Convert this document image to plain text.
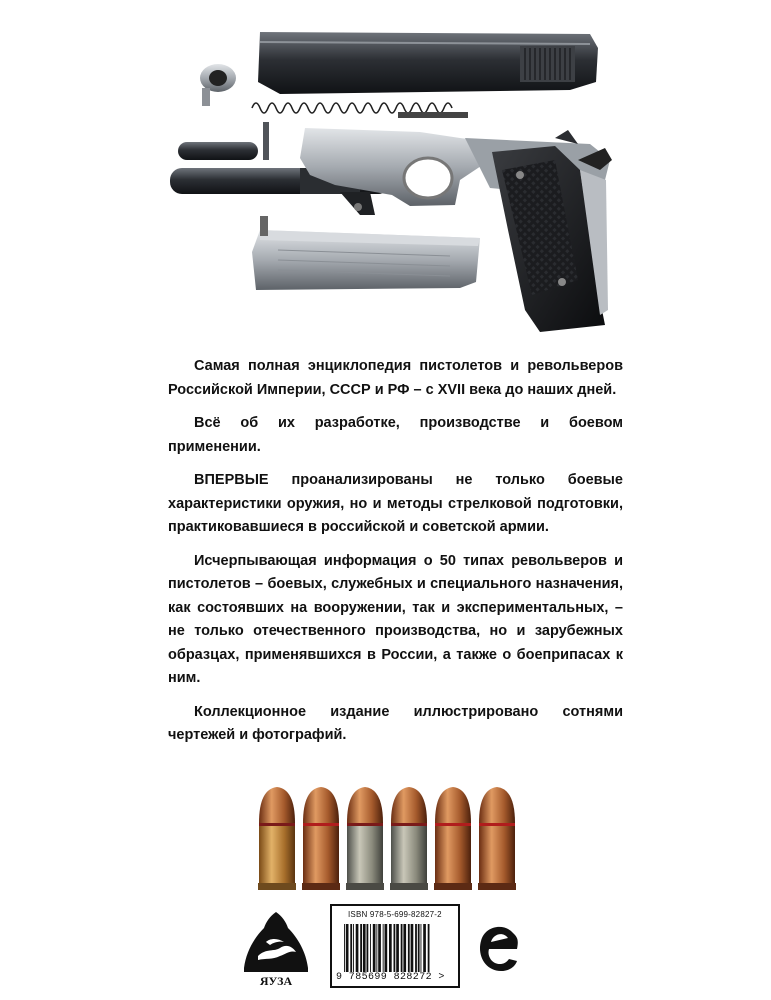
Самая полная энциклопедия пистолетов и револьверов Российской Империи, СССР и РФ – с XVII века до наших дней.

Всё об их разработке, производстве и боевом применении.

ВПЕРВЫЕ проанализированы не только боевые характеристики оружия, но и методы стрелковой подготовки, практиковавшиеся в российской и советской армии.

Исчерпывающая информация о 50 типах револьверов и пистолетов – боевых, служебных и специального назначения, как состоявших на вооружении, так и экспериментальных, – не только отечественного производства, но и зарубежных образцах, применявшихся в России, а также о боеприпасах к ним.

Коллекционное издание иллюстрировано сотнями чертежей и фотографий.

ЯУЗА
ISBN 978-5-699-82827-2
9 785699 828272 >
